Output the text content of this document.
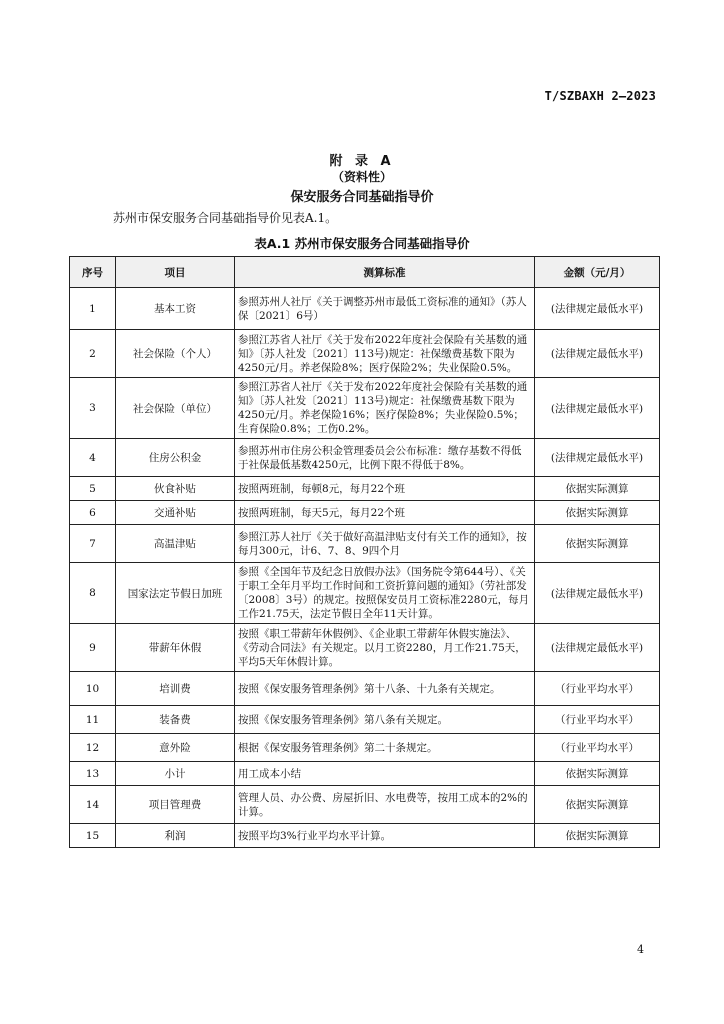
T/SZBAXH 2—2023
附 录 A
（资料性）
保安服务合同基础指导价
苏州市保安服务合同基础指导价见表A.1。
表A.1 苏州市保安服务合同基础指导价
序号	项目	测算标准	金额（元/月）
1	基本工资	参照苏州人社厅《关于调整苏州市最低工资标准的通知》（苏人保〔2021〕6号）	(法律规定最低水平)
2	社会保险（个人）	参照江苏省人社厅《关于发布2022年度社会保险有关基数的通知》〔苏人社发〔2021〕113号)规定：社保缴费基数下限为4250元/月。养老保险8%；医疗保险2%；失业保险0.5%。	(法律规定最低水平)
3	社会保险（单位）	参照江苏省人社厅《关于发布2022年度社会保险有关基数的通知》〔苏人社发〔2021〕113号)规定：社保缴费基数下限为4250元/月。养老保险16%；医疗保险8%；失业保险0.5%；生育保险0.8%；工伤0.2%。	(法律规定最低水平)
4	住房公积金	参照苏州市住房公积金管理委员会公布标准：缴存基数不得低于社保最低基数4250元，比例下限不得低于8%。	(法律规定最低水平)
5	伙食补贴	按照两班制，每顿8元，每月22个班	依据实际测算
6	交通补贴	按照两班制，每天5元，每月22个班	依据实际测算
7	高温津贴	参照江苏人社厅《关于做好高温津贴支付有关工作的通知》，按每月300元，计6、7、8、9四个月	依据实际测算
8	国家法定节假日加班	参照《全国年节及纪念日放假办法》（国务院令第644号）、《关于职工全年月平均工作时间和工资折算问题的通知》（劳社部发〔2008〕3号）的规定。按照保安员月工资标准2280元，每月工作21.75天，法定节假日全年11天计算。	(法律规定最低水平)
9	带薪年休假	按照《职工带薪年休假例》、《企业职工带薪年休假实施法》、《劳动合同法》有关规定。以月工资2280，月工作21.75天，平均5天年休假计算。	(法律规定最低水平)
10	培训费	按照《保安服务管理条例》第十八条、十九条有关规定。	（行业平均水平）
11	装备费	按照《保安服务管理条例》第八条有关规定。	（行业平均水平）
12	意外险	根据《保安服务管理条例》第二十条规定。	（行业平均水平）
13	小计	用工成本小结	依据实际测算
14	项目管理费	管理人员、办公费、房屋折旧、水电费等，按用工成本的2%的计算。	依据实际测算
15	利润	按照平均3%行业平均水平计算。	依据实际测算
4
